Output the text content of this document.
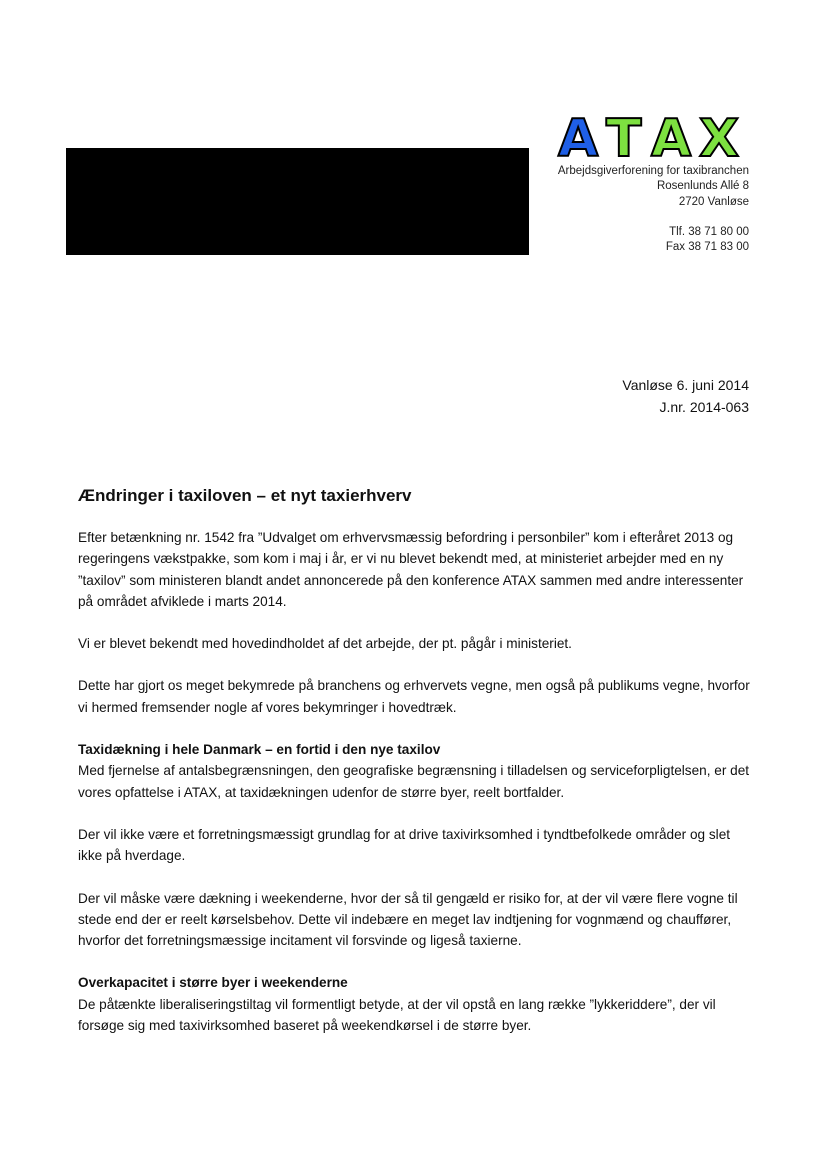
A T A X
Arbejdsgiverforening for taxibranchen
Rosenlunds Allé 8
2720 Vanløse
Tlf. 38 71 80 00
Fax 38 71 83 00
Vanløse 6. juni 2014
J.nr. 2014-063
Ændringer i taxiloven – et nyt taxierhverv

Efter betænkning nr. 1542 fra ”Udvalget om erhvervsmæssig befordring i personbiler” kom i efteråret 2013 og regeringens vækstpakke, som kom i maj i år, er vi nu blevet bekendt med, at ministeriet arbejder med en ny ”taxilov” som ministeren blandt andet annoncerede på den konference ATAX sammen med andre interessenter på området afviklede i marts 2014.

Vi er blevet bekendt med hovedindholdet af det arbejde, der pt. pågår i ministeriet.

Dette har gjort os meget bekymrede på branchens og erhvervets vegne, men også på publikums vegne, hvorfor vi hermed fremsender nogle af vores bekymringer i hovedtræk.

Taxidækning i hele Danmark – en fortid i den nye taxilov
Med fjernelse af antalsbegrænsningen, den geografiske begrænsning i tilladelsen og serviceforpligtelsen, er det vores opfattelse i ATAX, at taxidækningen udenfor de større byer, reelt bortfalder.

Der vil ikke være et forretningsmæssigt grundlag for at drive taxivirksomhed i tyndtbefolkede områder og slet ikke på hverdage.

Der vil måske være dækning i weekenderne, hvor der så til gengæld er risiko for, at der vil være flere vogne til stede end der er reelt kørselsbehov. Dette vil indebære en meget lav indtjening for vognmænd og chauffører, hvorfor det forretningsmæssige incitament vil forsvinde og ligeså taxierne.

Overkapacitet i større byer i weekenderne
De påtænkte liberaliseringstiltag vil formentligt betyde, at der vil opstå en lang række ”lykkeriddere”, der vil forsøge sig med taxivirksomhed baseret på weekendkørsel i de større byer.
